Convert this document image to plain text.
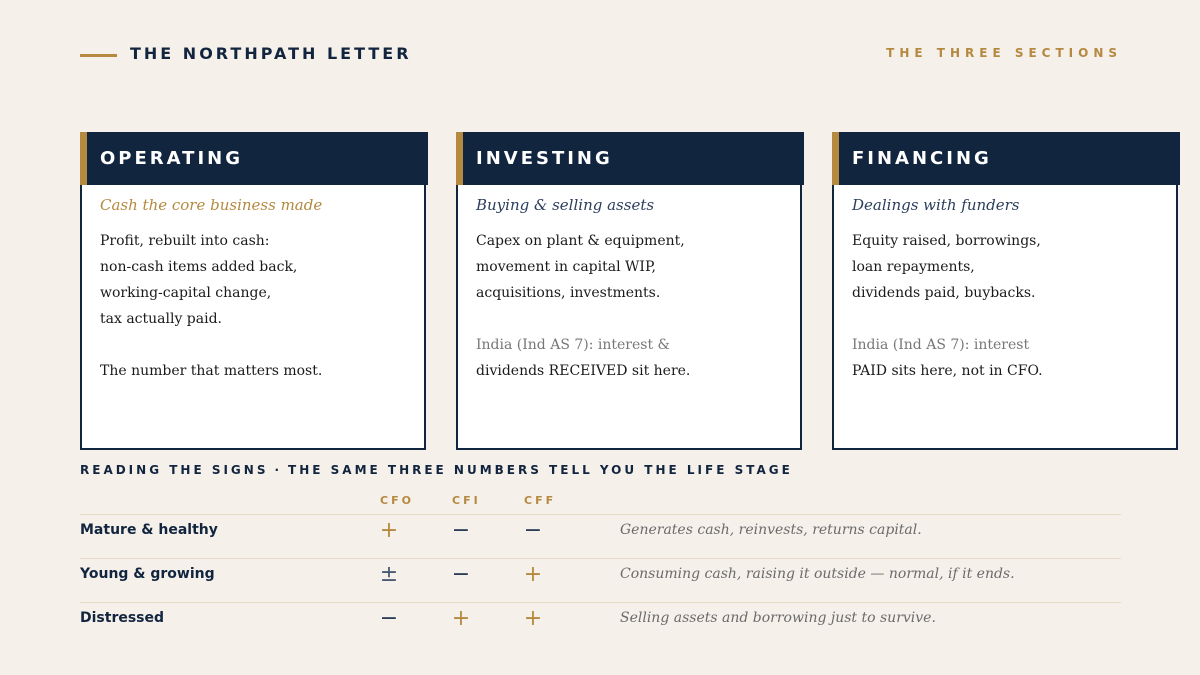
THE NORTHPATH LETTER	THE THREE SECTIONS
OPERATING
Cash the core business made
Profit, rebuilt into cash:
non-cash items added back,
working-capital change,
tax actually paid.
The number that matters most.
INVESTING
Buying & selling assets
Capex on plant & equipment,
movement in capital WIP,
acquisitions, investments.
India (Ind AS 7): interest &
dividends RECEIVED sit here.
FINANCING
Dealings with funders
Equity raised, borrowings,
loan repayments,
dividends paid, buybacks.
India (Ind AS 7): interest
PAID sits here, not in CFO.
READING THE SIGNS · THE SAME THREE NUMBERS TELL YOU THE LIFE STAGE
CFO	CFI	CFF
Mature & healthy	+ − −	Generates cash, reinvests, returns capital.
Young & growing	± − +	Consuming cash, raising it outside — normal, if it ends.
Distressed	− + +	Selling assets and borrowing just to survive.
